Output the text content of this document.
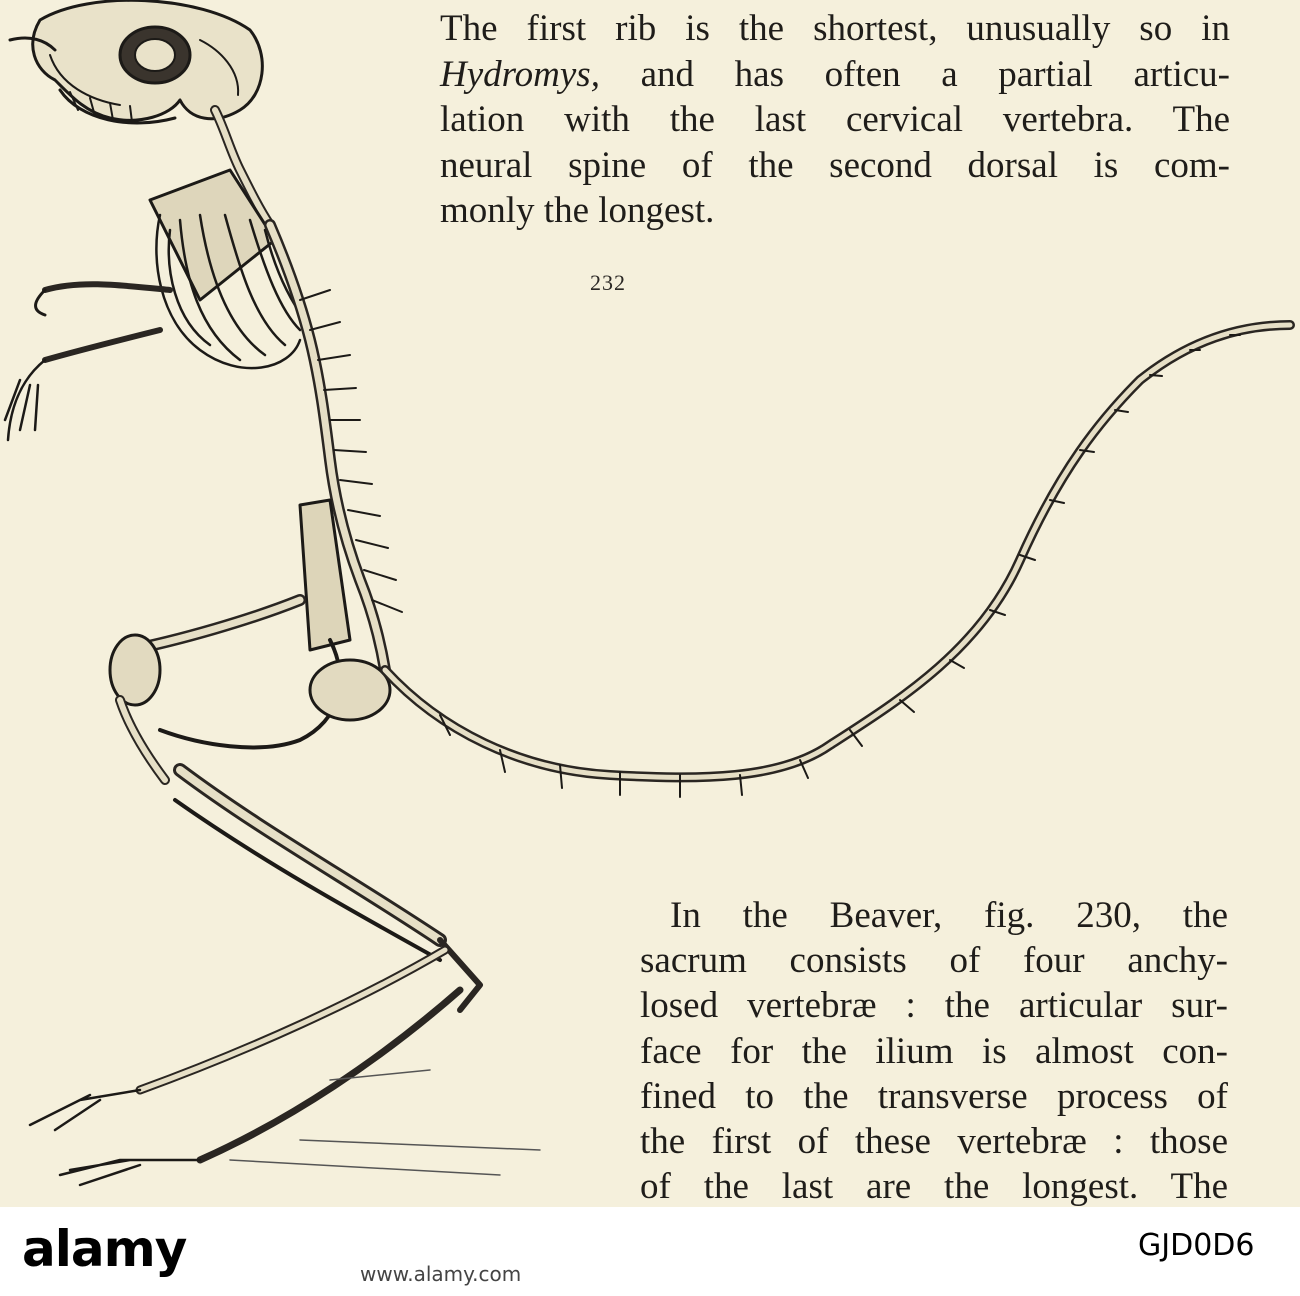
The first rib is the shortest, unusually so in
Hydromys, and has often a partial articu-
lation with the last cervical vertebra. The
neural spine of the second dorsal is com-
monly the longest.
232
In the Beaver, fig. 230, the
sacrum consists of four anchy-
losed vertebræ : the articular sur-
face for the ilium is almost con-
fined to the transverse process of
the first of these vertebræ : those
of the last are the longest. The
alamy	GJD0D6
www.alamy.com
